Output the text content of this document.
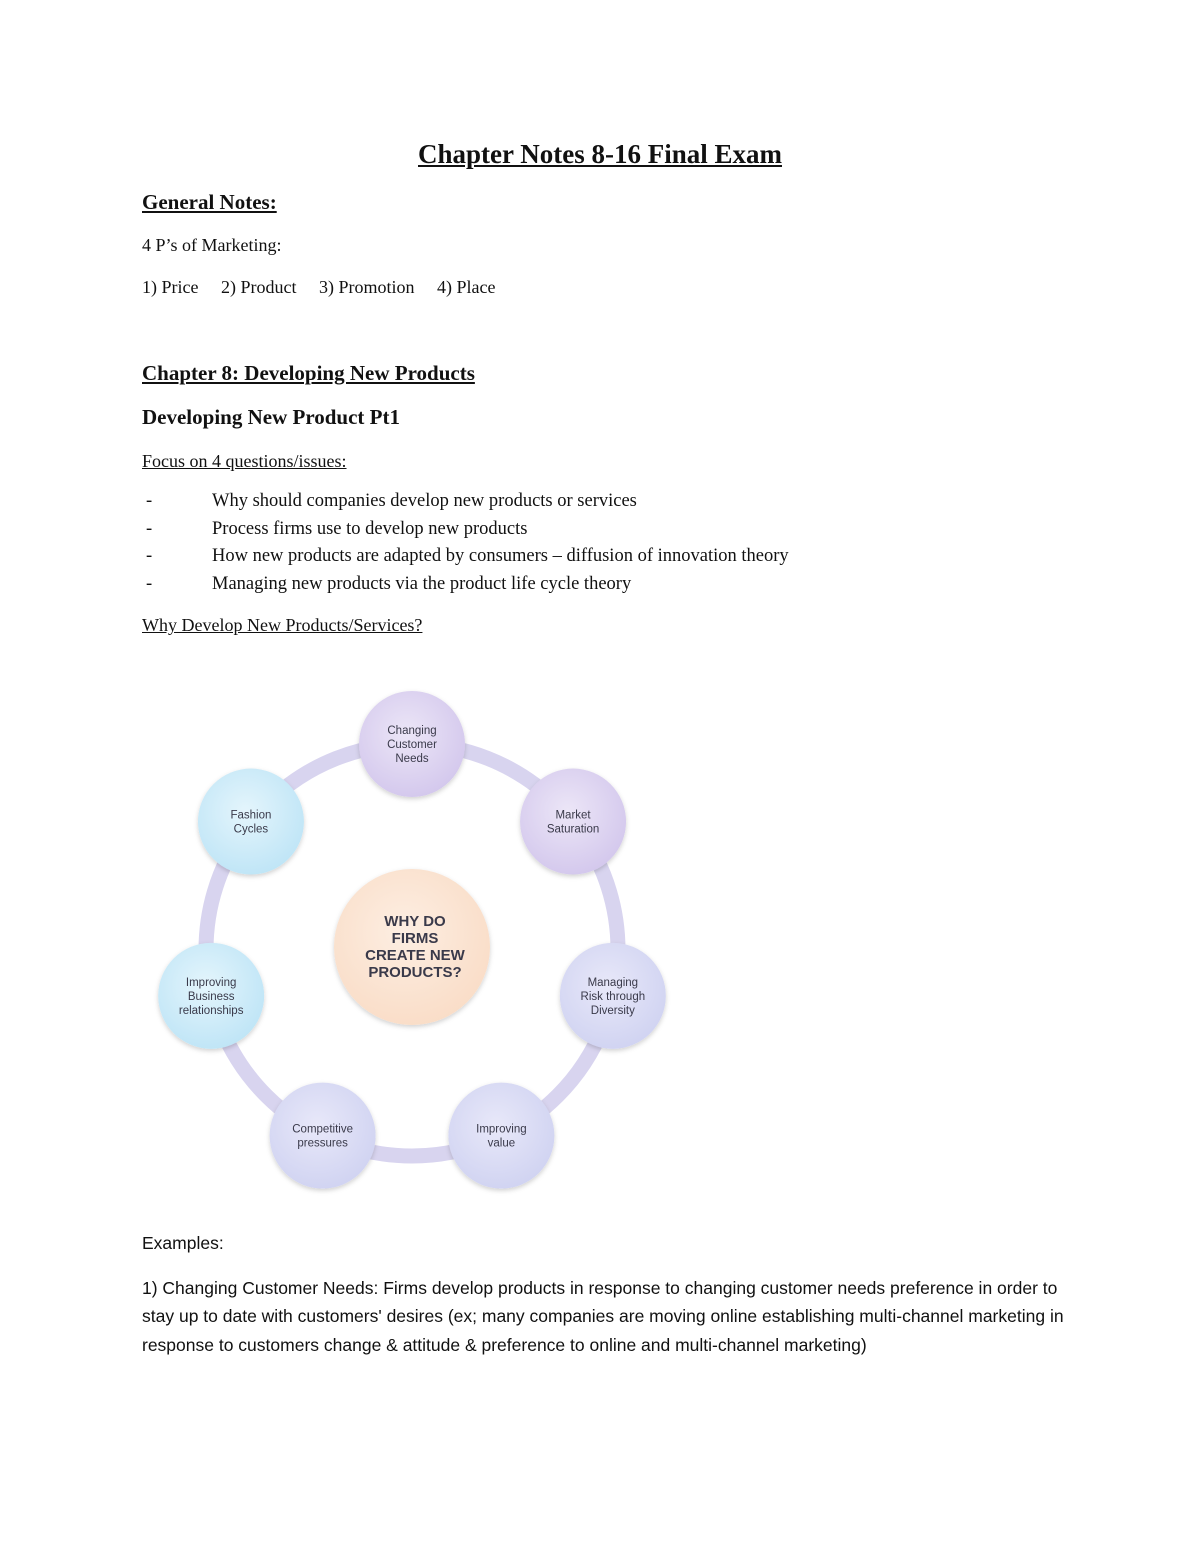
Chapter Notes 8-16 Final Exam
General Notes:
4 P’s of Marketing:
1) Price 2) Product 3) Promotion 4) Place
Chapter 8: Developing New Products
Developing New Product Pt1
Focus on 4 questions/issues:
- Why should companies develop new products or services
- Process firms use to develop new products
- How new products are adapted by consumers – diffusion of innovation theory
- Managing new products via the product life cycle theory
Why Develop New Products/Services?
WHY DO
FIRMS
CREATE NEW
PRODUCTS?
Changing
Customer
Needs
Market
Saturation
Managing
Risk through
Diversity
Improving
value
Competitive
pressures
Improving
Business
relationships
Fashion
Cycles
Examples:

1) Changing Customer Needs: Firms develop products in response to changing customer needs preference in order to stay up to date with customers' desires (ex; many companies are moving online establishing multi-channel marketing in response to customers change & attitude & preference to online and multi-channel marketing)
